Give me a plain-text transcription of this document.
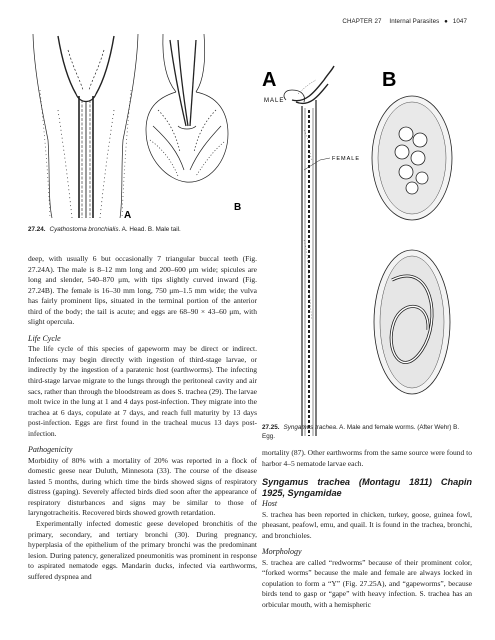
CHAPTER 27 Internal Parasites ● 1047
A
B
27.24. Cyathostoma bronchialis. A. Head. B. Male tail.

deep, with usually 6 but occasionally 7 triangular buccal teeth (Fig. 27.24A). The male is 8–12 mm long and 200–600 μm wide; spicules are long and slender, 540–870 μm, with tips slightly curved inward (Fig. 27.24B). The female is 16–30 mm long, 750 μm–1.5 mm wide; the vulva has fairly prominent lips, situated in the terminal portion of the anterior third of the body; the tail is acute; and eggs are 68–90 × 43–60 μm, with slight opercula.

Life Cycle

The life cycle of this species of gapeworm may be direct or indirect. Infections may begin directly with ingestion of third-stage larvae, or indirectly by the ingestion of a paratenic host (earthworms). The infecting third-stage larvae migrate to the lungs through the peritoneal cavity and air sacs, rather than through the bloodstream as does S. trachea (29). The larvae molt twice in the lung at 1 and 4 days post-infection. They migrate into the trachea at 6 days, copulate at 7 days, and reach full maturity by 13 days post-infection. Eggs are first found in the tracheal mucus 13 days post-infection.

Pathogenicity

Morbidity of 80% with a mortality of 20% was reported in a flock of domestic geese near Duluth, Minnesota (33). The course of the disease lasted 5 months, during which time the birds showed signs of respiratory distress (gaping). Severely affected birds died soon after the appearance of respiratory disturbances and signs may be similar to those of laryngotracheitis. Recovered birds showed growth retardation.

Experimentally infected domestic geese developed bronchitis of the primary, secondary, and tertiary bronchi (30). During pregnancy, hyperplasia of the epithelium of the primary bronchi was the predominant lesion. During patency, generalized pneumonitis was prominent in response to aspirated nematode eggs. Mandarin ducks, infected via earthworms, suffered dyspnea and

A
MALE
FEMALE
B
27.25. Syngamus trachea. A. Male and female worms. (After Wehr) B. Egg.

mortality (87). Other earthworms from the same source were found to harbor 4–5 nematode larvae each.

Syngamus trachea (Montagu 1811) Chapin 1925, Syngamidae
Host

S. trachea has been reported in chicken, turkey, goose, guinea fowl, pheasant, peafowl, emu, and quail. It is found in the trachea, bronchi, and bronchioles.

Morphology

S. trachea are called “redworms” because of their prominent color, “forked worms” because the male and female are always locked in copulation to form a “Y” (Fig. 27.25A), and “gapeworms”, because birds tend to gasp or “gape” with heavy infection. S. trachea has an orbicular mouth, with a hemispheric
